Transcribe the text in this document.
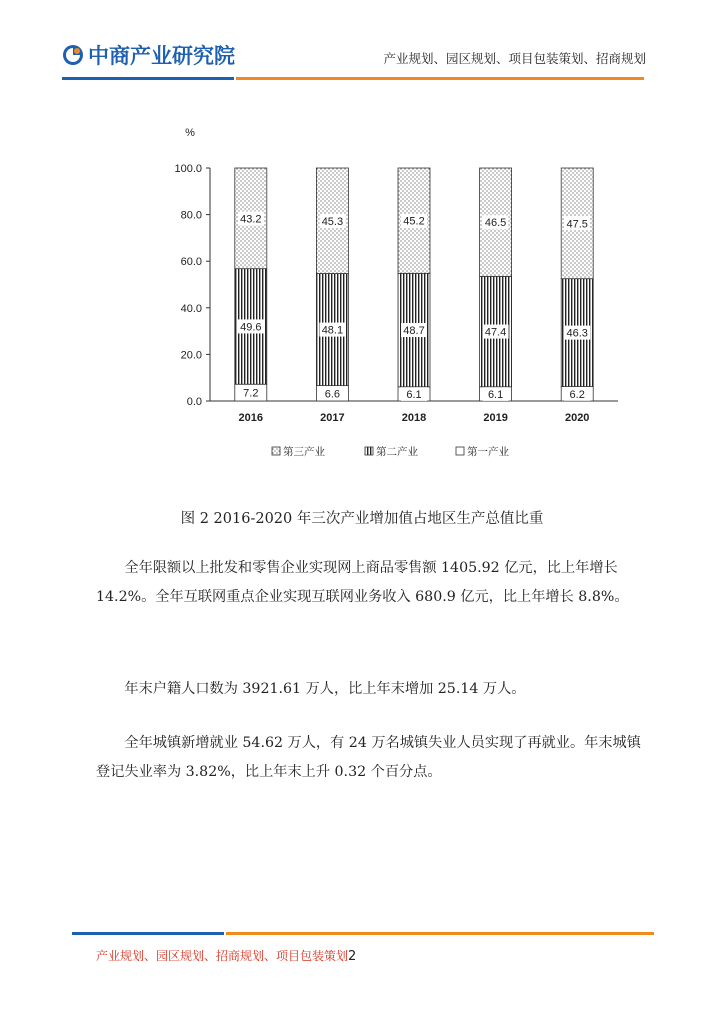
中商产业研究院	产业规划、园区规划、项目包装策划、招商规划
%
0.0
20.0
40.0
60.0
80.0
100.0
7.2
49.6
43.2
2016
6.6
48.1
45.3
2017
6.1
48.7
45.2
2018
6.1
47.4
46.5
2019
6.2
46.3
47.5
2020
第三产业	第二产业	第一产业
图 2 2016-2020 年三次产业增加值占地区生产总值比重

全年限额以上批发和零售企业实现网上商品零售额 1405.92 亿元，比上年增长 14.2%。全年互联网重点企业实现互联网业务收入 680.9 亿元，比上年增长 8.8%。

年末户籍人口数为 3921.61 万人，比上年末增加 25.14 万人。

全年城镇新增就业 54.62 万人，有 24 万名城镇失业人员实现了再就业。年末城镇登记失业率为 3.82%，比上年末上升 0.32 个百分点。

产业规划、园区规划、招商规划、项目包装策划2
